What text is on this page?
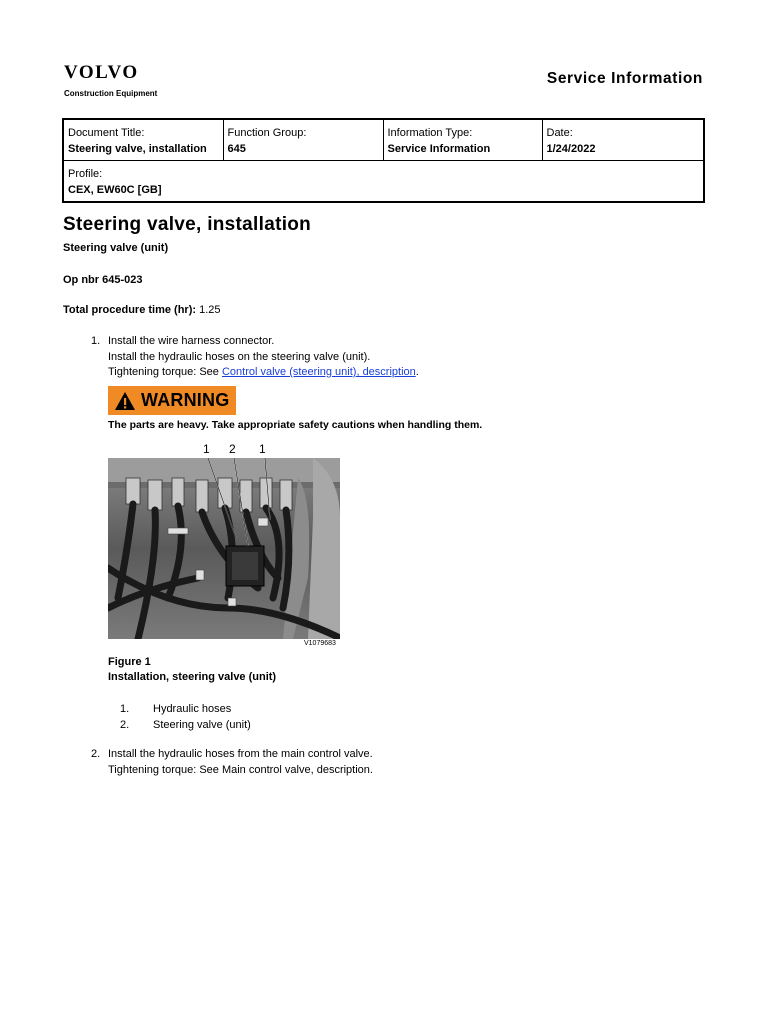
VOLVO
Construction Equipment
Service Information
Document Title:
Steering valve, installation

Function Group:
645

Information Type:
Service Information

Date:
1/24/2022

Profile:
CEX, EW60C [GB]
Steering valve, installation
Steering valve (unit)
Op nbr 645-023
Total procedure time (hr): 1.25
1. Install the wire harness connector.
Install the hydraulic hoses on the steering valve (unit).
Tightening torque: See Control valve (steering unit), description.
WARNING
The parts are heavy. Take appropriate safety cautions when handling them.
1 2 1
V1079683
Figure 1
Installation, steering valve (unit)
1. Hydraulic hoses
2. Steering valve (unit)
2. Install the hydraulic hoses from the main control valve.
Tightening torque: See Main control valve, description.
